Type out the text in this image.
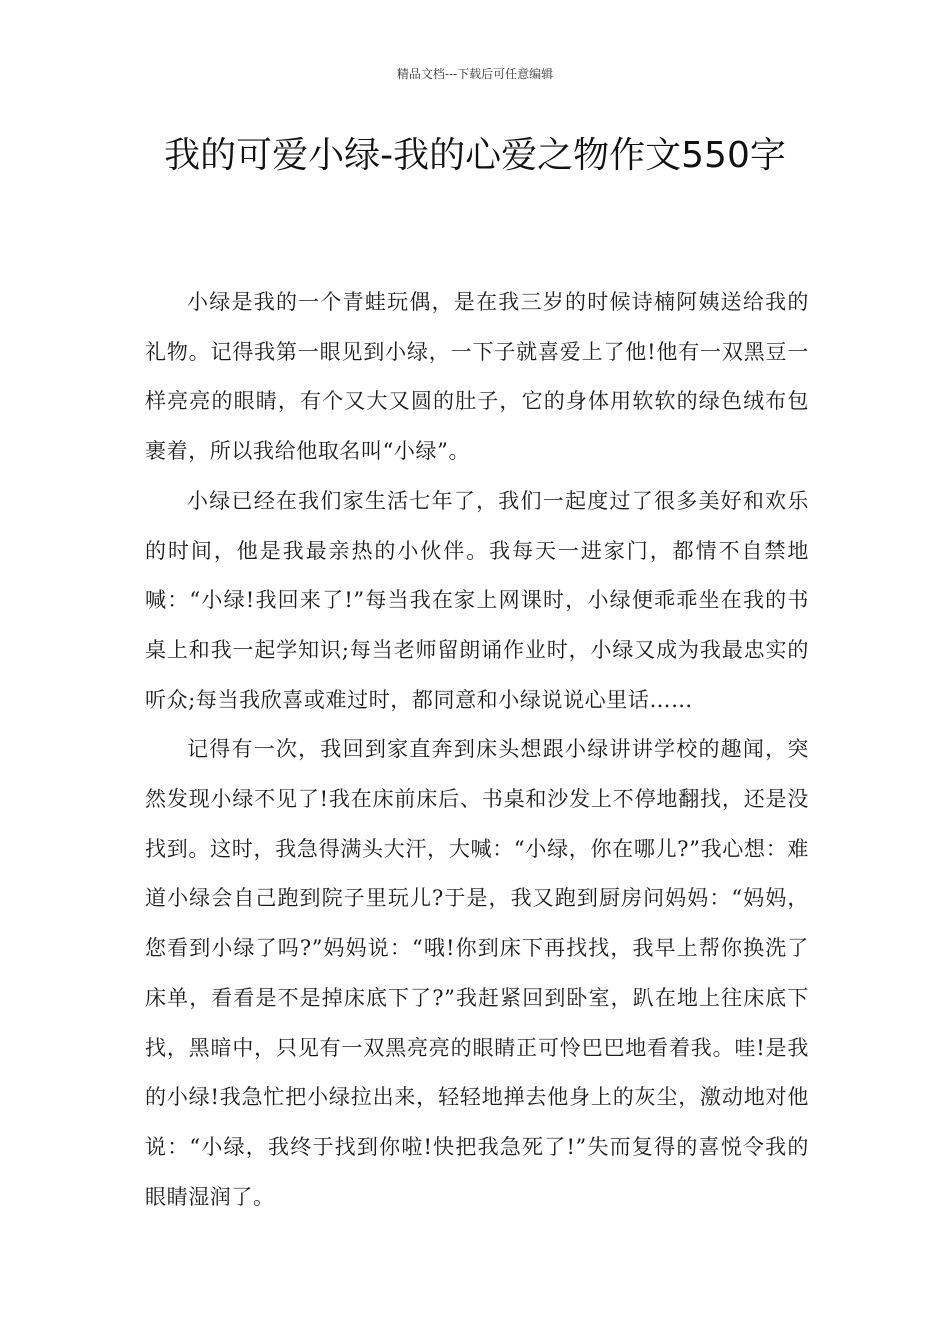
精品文档---下载后可任意编辑
我的可爱小绿-我的心爱之物作文550字

小绿是我的一个青蛙玩偶，是在我三岁的时候诗楠阿姨送给我的礼物。记得我第一眼见到小绿，一下子就喜爱上了他!他有一双黑豆一样亮亮的眼睛，有个又大又圆的肚子，它的身体用软软的绿色绒布包裹着，所以我给他取名叫“小绿”。

小绿已经在我们家生活七年了，我们一起度过了很多美好和欢乐的时间，他是我最亲热的小伙伴。我每天一进家门，都情不自禁地喊：“小绿!我回来了!”每当我在家上网课时，小绿便乖乖坐在我的书桌上和我一起学知识;每当老师留朗诵作业时，小绿又成为我最忠实的听众;每当我欣喜或难过时，都同意和小绿说说心里话……

记得有一次，我回到家直奔到床头想跟小绿讲讲学校的趣闻，突然发现小绿不见了!我在床前床后、书桌和沙发上不停地翻找，还是没找到。这时，我急得满头大汗，大喊：“小绿，你在哪儿?”我心想：难道小绿会自己跑到院子里玩儿?于是，我又跑到厨房问妈妈：“妈妈，您看到小绿了吗?”妈妈说：“哦!你到床下再找找，我早上帮你换洗了床单，看看是不是掉床底下了?”我赶紧回到卧室，趴在地上往床底下找，黑暗中，只见有一双黑亮亮的眼睛正可怜巴巴地看着我。哇!是我的小绿!我急忙把小绿拉出来，轻轻地掸去他身上的灰尘，激动地对他说：“小绿，我终于找到你啦!快把我急死了!”失而复得的喜悦令我的眼睛湿润了。
